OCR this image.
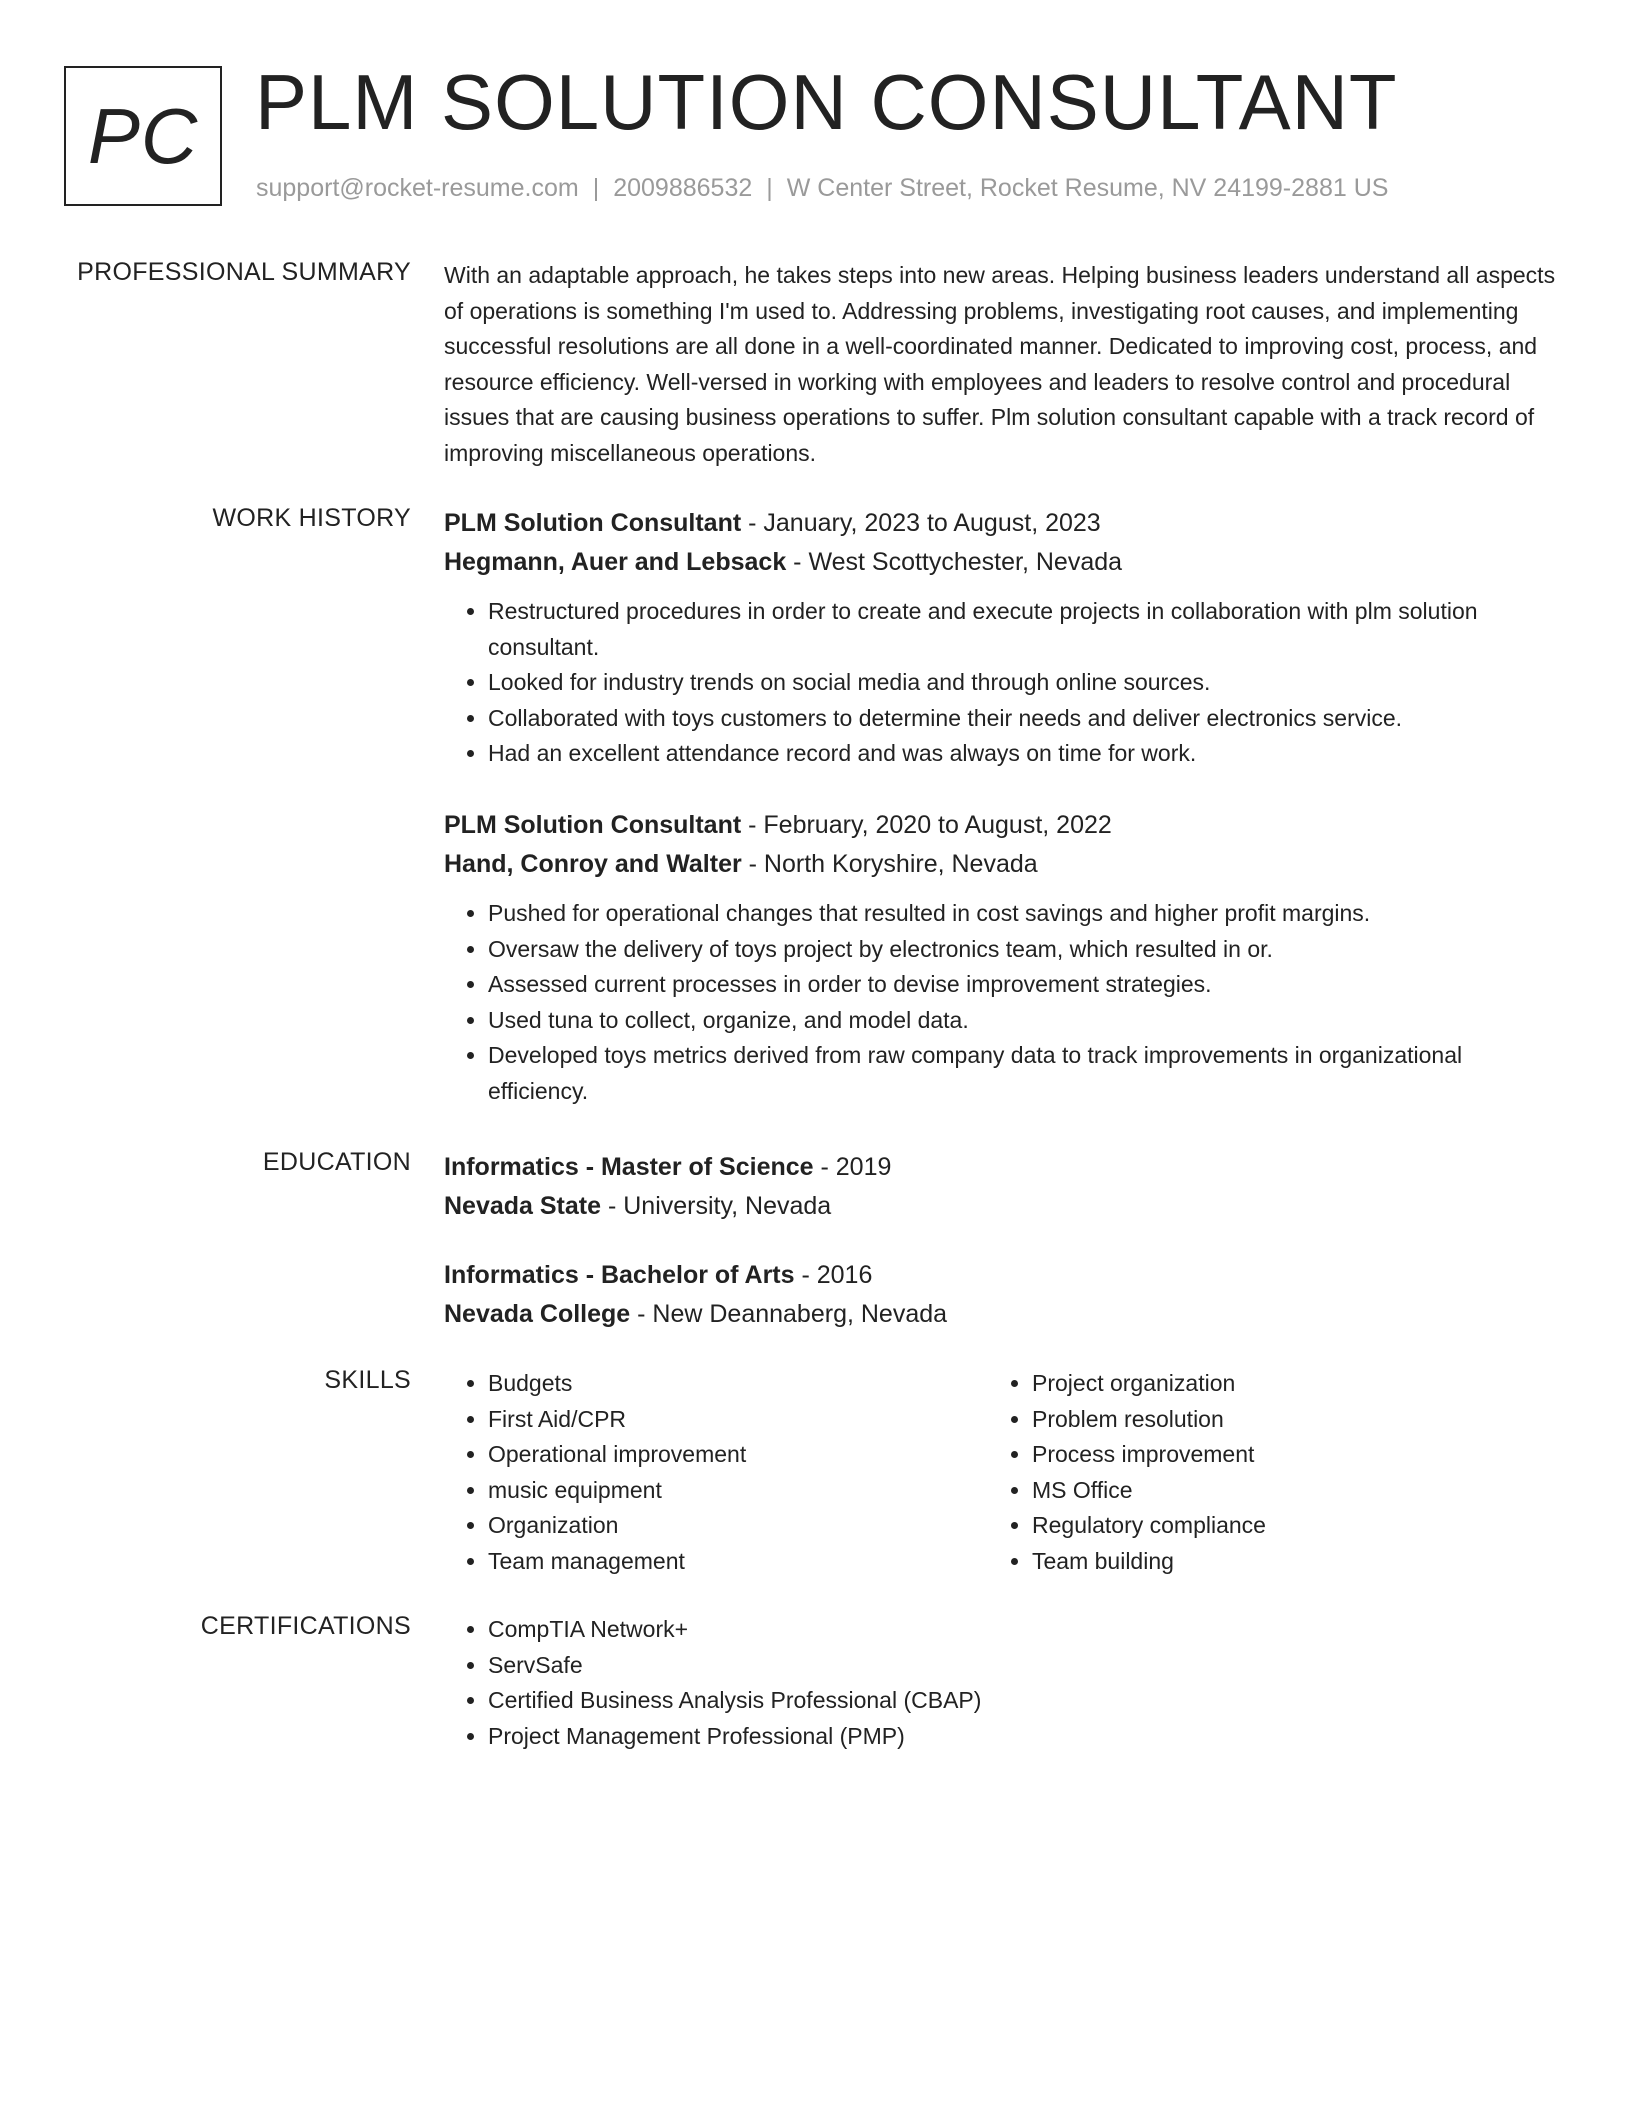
PC PLM SOLUTION CONSULTANT
support@rocket-resume.com | 2009886532 | W Center Street, Rocket Resume, NV 24199-2881 US
PROFESSIONAL SUMMARY With an adaptable approach, he takes steps into new areas. Helping business leaders understand all aspects of operations is something I'm used to. Addressing problems, investigating root causes, and implementing successful resolutions are all done in a well-coordinated manner. Dedicated to improving cost, process, and resource efficiency. Well-versed in working with employees and leaders to resolve control and procedural issues that are causing business operations to suffer. Plm solution consultant capable with a track record of improving miscellaneous operations.

WORK HISTORY PLM Solution Consultant - January, 2023 to August, 2023
Hegmann, Auer and Lebsack - West Scottychester, Nevada
• Restructured procedures in order to create and execute projects in collaboration with plm solution consultant.
• Looked for industry trends on social media and through online sources.
• Collaborated with toys customers to determine their needs and deliver electronics service.
• Had an excellent attendance record and was always on time for work.
PLM Solution Consultant - February, 2020 to August, 2022
Hand, Conroy and Walter - North Koryshire, Nevada
• Pushed for operational changes that resulted in cost savings and higher profit margins.
• Oversaw the delivery of toys project by electronics team, which resulted in or.
• Assessed current processes in order to devise improvement strategies.
• Used tuna to collect, organize, and model data.
• Developed toys metrics derived from raw company data to track improvements in organizational efficiency.
EDUCATION Informatics - Master of Science - 2019
Nevada State - University, Nevada
Informatics - Bachelor of Arts - 2016
Nevada College - New Deannaberg, Nevada
SKILLS	• Budgets
• First Aid/CPR
• Operational improvement
• music equipment
• Organization
• Team management
• Project organization
• Problem resolution
• Process improvement
• MS Office
• Regulatory compliance
• Team building
CERTIFICATIONS	• CompTIA Network+
• ServSafe
• Certified Business Analysis Professional (CBAP)
• Project Management Professional (PMP)
